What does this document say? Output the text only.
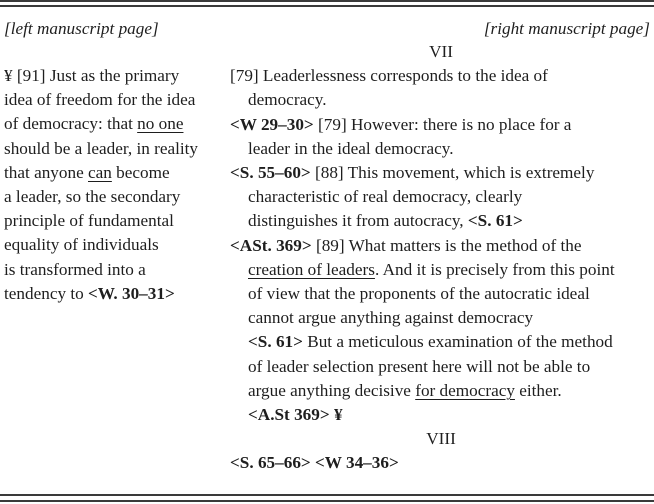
[left manuscript page]	[right manuscript page]
¥ [91] Just as the primary
idea of freedom for the idea
of democracy: that no one
should be a leader, in reality
that anyone can become
a leader, so the secondary
principle of fundamental
equality of individuals
is transformed into a
tendency to <W. 30–31>
VII
[79] Leaderlessness corresponds to the idea of
democracy.
<W 29–30> [79] However: there is no place for a
leader in the ideal democracy.
<S. 55–60> [88] This movement, which is extremely
characteristic of real democracy, clearly
distinguishes it from autocracy, <S. 61>
<ASt. 369> [89] What matters is the method of the
creation of leaders. And it is precisely from this point
of view that the proponents of the autocratic ideal
cannot argue anything against democracy
<S. 61> But a meticulous examination of the method
of leader selection present here will not be able to
argue anything decisive for democracy either.
<A.St 369> ¥
VIII
<S. 65–66> <W 34–36>
